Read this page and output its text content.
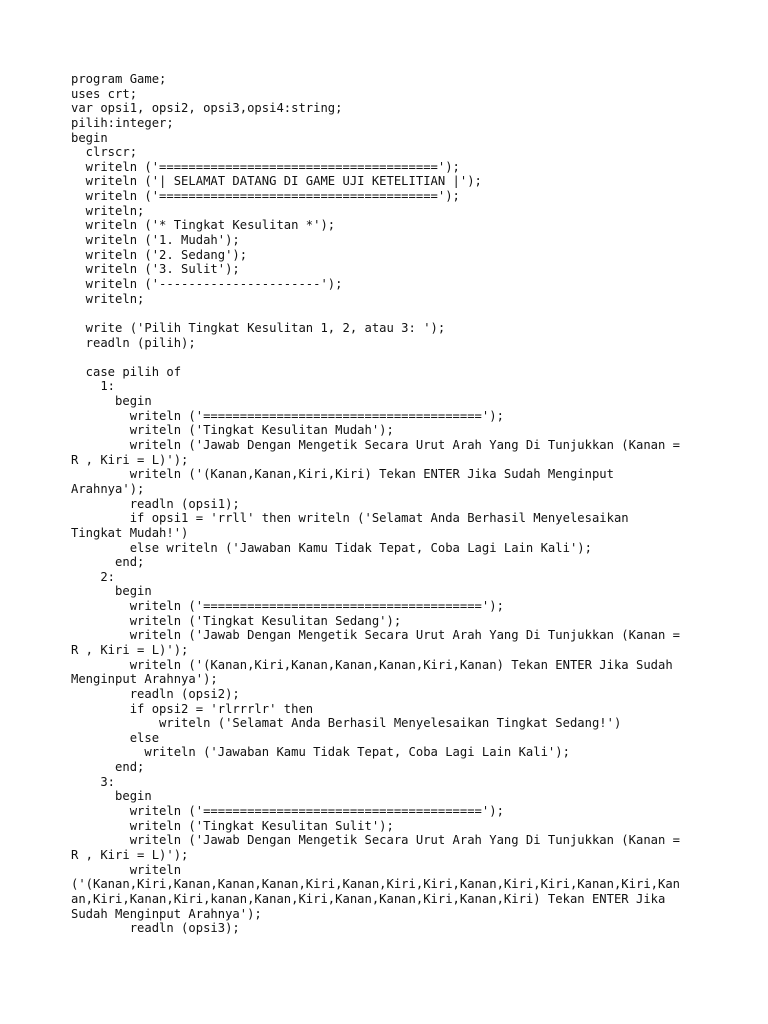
program Game;
uses crt;
var opsi1, opsi2, opsi3,opsi4:string;
pilih:integer;
begin
clrscr;
writeln ('======================================');
writeln ('| SELAMAT DATANG DI GAME UJI KETELITIAN |');
writeln ('======================================');
writeln;
writeln ('* Tingkat Kesulitan *');
writeln ('1. Mudah');
writeln ('2. Sedang');
writeln ('3. Sulit');
writeln ('----------------------');
writeln;
write ('Pilih Tingkat Kesulitan 1, 2, atau 3: ');
readln (pilih);
case pilih of
1:
begin
writeln ('======================================');
writeln ('Tingkat Kesulitan Mudah');
writeln ('Jawab Dengan Mengetik Secara Urut Arah Yang Di Tunjukkan (Kanan =
R , Kiri = L)');
writeln ('(Kanan,Kanan,Kiri,Kiri) Tekan ENTER Jika Sudah Menginput
Arahnya');
readln (opsi1);
if opsi1 = 'rrll' then writeln ('Selamat Anda Berhasil Menyelesaikan
Tingkat Mudah!')
else writeln ('Jawaban Kamu Tidak Tepat, Coba Lagi Lain Kali');
end;
2:
begin
writeln ('======================================');
writeln ('Tingkat Kesulitan Sedang');
writeln ('Jawab Dengan Mengetik Secara Urut Arah Yang Di Tunjukkan (Kanan =
R , Kiri = L)');
writeln ('(Kanan,Kiri,Kanan,Kanan,Kanan,Kiri,Kanan) Tekan ENTER Jika Sudah
Menginput Arahnya');
readln (opsi2);
if opsi2 = 'rlrrrlr' then
writeln ('Selamat Anda Berhasil Menyelesaikan Tingkat Sedang!')
else
writeln ('Jawaban Kamu Tidak Tepat, Coba Lagi Lain Kali');
end;
3:
begin
writeln ('======================================');
writeln ('Tingkat Kesulitan Sulit');
writeln ('Jawab Dengan Mengetik Secara Urut Arah Yang Di Tunjukkan (Kanan =
R , Kiri = L)');
writeln
('(Kanan,Kiri,Kanan,Kanan,Kanan,Kiri,Kanan,Kiri,Kiri,Kanan,Kiri,Kiri,Kanan,Kiri,Kan
an,Kiri,Kanan,Kiri,kanan,Kanan,Kiri,Kanan,Kanan,Kiri,Kanan,Kiri) Tekan ENTER Jika
Sudah Menginput Arahnya');
readln (opsi3);
